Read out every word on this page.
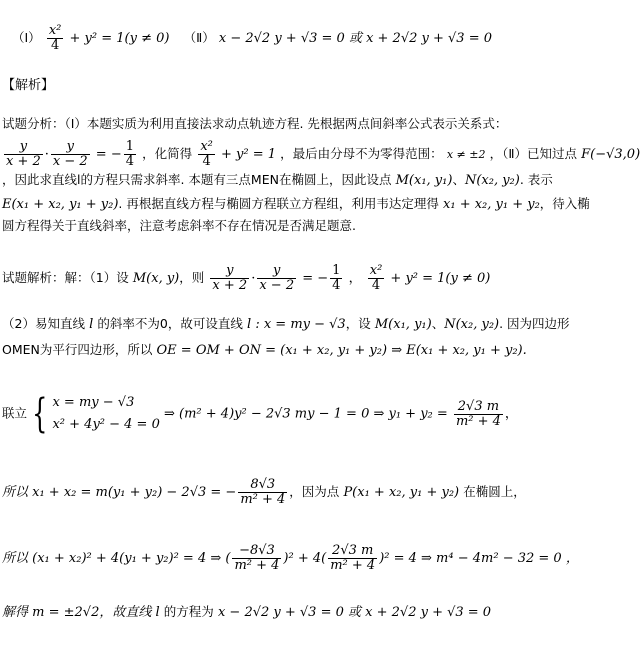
（Ⅰ） $\frac{\text{x²}}{4} + y^2 = 1(y \ne 0)$ （Ⅱ） x − 2√2 y + √3 = 0 或 x + 2√2 y + √3 = 0
【解析】
试题分析：（Ⅰ）本题实质为利用直接法求动点轨迹方程. 先根据两点间斜率公式表示关系式：
$\frac{y}{x + 2} \cdot \frac{y}{x - 2}$ = − $\frac{1}{4}$ ，化简得 $\frac{\text{x²}}{4} + y^2 = 1$ ，最后由分母不为零得范围： x ≠ ±2 ，（Ⅱ）已知过点 F(−√3,0)
，因此求直线l的方程只需求斜率. 本题有三点MEN在椭圆上，因此设点 M(x₁, y₁)、N(x₂, y₂). 表示
E(x₁ + x₂, y₁ + y₂). 再根据直线方程与椭圆方程联立方程组，利用韦达定理得 x₁ + x₂, y₁ + y₂，待入椭
圆方程得关于直线斜率，注意考虑斜率不存在情况是否满足题意.
试题解析：解：（1）设 M(x, y)，则 $\frac{y}{x + 2} \cdot \frac{y}{x - 2}$ = − $\frac{1}{4}$ ， $\frac{\text{x²}}{4} + y^2 = 1(y \ne 0)$
（2）易知直线 l 的斜率不为0，故可设直线 l : x = my − √3，设 M(x₁, y₁)、N(x₂, y₂). 因为四边形
OMEN为平行四边形，所以 OE = OM + ON = (x₁ + x₂, y₁ + y₂) ⇒ E(x₁ + x₂, y₁ + y₂).
联立 { x = my − √3
x² + 4y² − 4 = 0
⇒ (m² + 4)y² − 2√3 my − 1 = 0 ⇒ $y_1 + y_2 = \frac{2√3 m}{\text{m² + 4}}$ ，
所以 x₁ + x₂ = m(y₁ + y₂) − 2√3 = − $\frac{8√3}{\text{m² + 4}}$ ，因为点 P(x₁ + x₂, y₁ + y₂) 在椭圆上，
所以 (x₁ + x₂)² + 4(y₁ + y₂)² = 4 ⇒ ( $\frac{-8√3}{\text{m² + 4}} )^2 + 4( \frac{2√3 m}{\text{m² + 4}} )^2 = 4$ ⇒ m⁴ − 4m² − 32 = 0 ，
解得 m = ±2√2，故直线 l 的方程为 x − 2√2 y + √3 = 0 或 x + 2√2 y + √3 = 0
